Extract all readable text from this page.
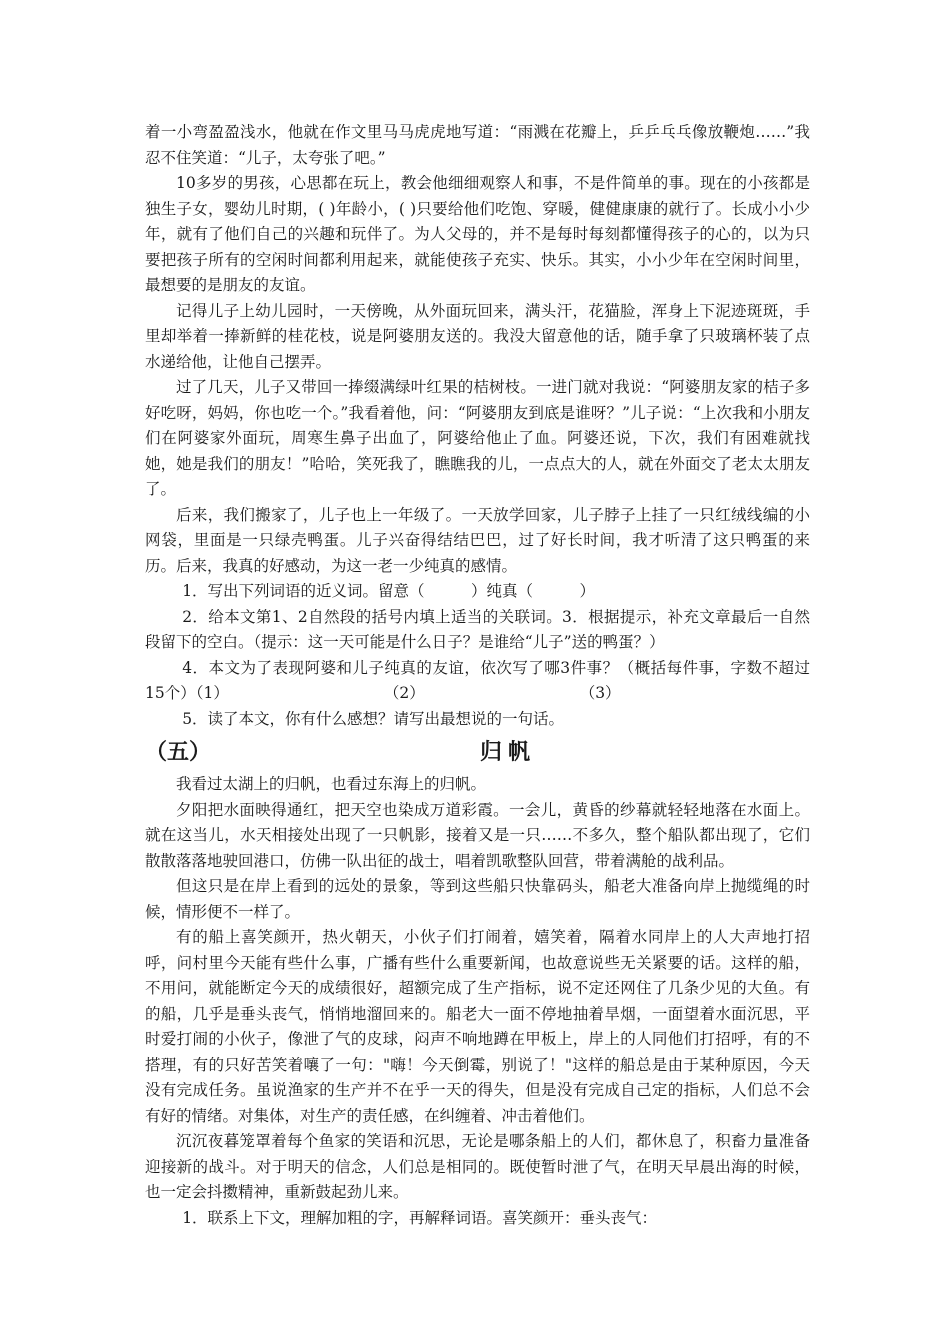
着一小弯盈盈浅水，他就在作文里马马虎虎地写道：“雨溅在花瓣上，乒乒乓乓像放鞭炮……”我忍不住笑道：“儿子，太夸张了吧。”

10多岁的男孩，心思都在玩上，教会他细细观察人和事，不是件简单的事。现在的小孩都是独生子女，婴幼儿时期，( )年龄小，( )只要给他们吃饱、穿暖，健健康康的就行了。长成小小少年，就有了他们自己的兴趣和玩伴了。为人父母的，并不是每时每刻都懂得孩子的心的，以为只要把孩子所有的空闲时间都利用起来，就能使孩子充实、快乐。其实，小小少年在空闲时间里，最想要的是朋友的友谊。

记得儿子上幼儿园时，一天傍晚，从外面玩回来，满头汗，花猫脸，浑身上下泥迹斑斑，手里却举着一捧新鲜的桂花枝，说是阿婆朋友送的。我没大留意他的话，随手拿了只玻璃杯装了点水递给他，让他自己摆弄。

过了几天，儿子又带回一捧缀满绿叶红果的桔树枝。一进门就对我说：“阿婆朋友家的桔子多好吃呀，妈妈，你也吃一个。”我看着他，问：“阿婆朋友到底是谁呀？”儿子说：“上次我和小朋友们在阿婆家外面玩，周寒生鼻子出血了，阿婆给他止了血。阿婆还说，下次，我们有困难就找她，她是我们的朋友！”哈哈，笑死我了，瞧瞧我的儿，一点点大的人，就在外面交了老太太朋友了。

后来，我们搬家了，儿子也上一年级了。一天放学回家，儿子脖子上挂了一只红绒线编的小网袋，里面是一只绿壳鸭蛋。儿子兴奋得结结巴巴，过了好长时间，我才听清了这只鸭蛋的来历。后来，我真的好感动，为这一老一少纯真的感情。

1．写出下列词语的近义词。留意（　　　）纯真（　　　）

2．给本文第1、2自然段的括号内填上适当的关联词。3．根据提示，补充文章最后一自然段留下的空白。（提示：这一天可能是什么日子？是谁给“儿子”送的鸭蛋？）

4．本文为了表现阿婆和儿子纯真的友谊，依次写了哪3件事？（概括每件事，字数不超过15个）（1）　　　　　　　　　　　（2）　　　　　　　　　　　（3）

5．读了本文，你有什么感想？请写出最想说的一句话。

（五）	归帆

我看过太湖上的归帆，也看过东海上的归帆。

夕阳把水面映得通红，把天空也染成万道彩霞。一会儿，黄昏的纱幕就轻轻地落在水面上。就在这当儿，水天相接处出现了一只帆影，接着又是一只……不多久，整个船队都出现了，它们散散落落地驶回港口，仿佛一队出征的战士，唱着凯歌整队回营，带着满舱的战利品。

但这只是在岸上看到的远处的景象，等到这些船只快靠码头，船老大准备向岸上抛缆绳的时候，情形便不一样了。

有的船上喜笑颜开，热火朝天，小伙子们打闹着，嬉笑着，隔着水同岸上的人大声地打招呼，问村里今天能有些什么事，广播有些什么重要新闻，也故意说些无关紧要的话。这样的船，不用问，就能断定今天的成绩很好，超额完成了生产指标，说不定还网住了几条少见的大鱼。有的船，几乎是垂头丧气，悄悄地溜回来的。船老大一面不停地抽着旱烟，一面望着水面沉思，平时爱打闹的小伙子，像泄了气的皮球，闷声不响地蹲在甲板上，岸上的人同他们打招呼，有的不搭理，有的只好苦笑着嚷了一句："嗨！今天倒霉，别说了！"这样的船总是由于某种原因，今天没有完成任务。虽说渔家的生产并不在乎一天的得失，但是没有完成自己定的指标，人们总不会有好的情绪。对集体，对生产的责任感，在纠缠着、冲击着他们。

沉沉夜暮笼罩着每个鱼家的笑语和沉思，无论是哪条船上的人们，都休息了，积畜力量准备迎接新的战斗。对于明天的信念，人们总是相同的。既使暂时泄了气，在明天早晨出海的时候，也一定会抖擞精神，重新鼓起劲儿来。

1．联系上下文，理解加粗的字，再解释词语。喜笑颜开：垂头丧气：
